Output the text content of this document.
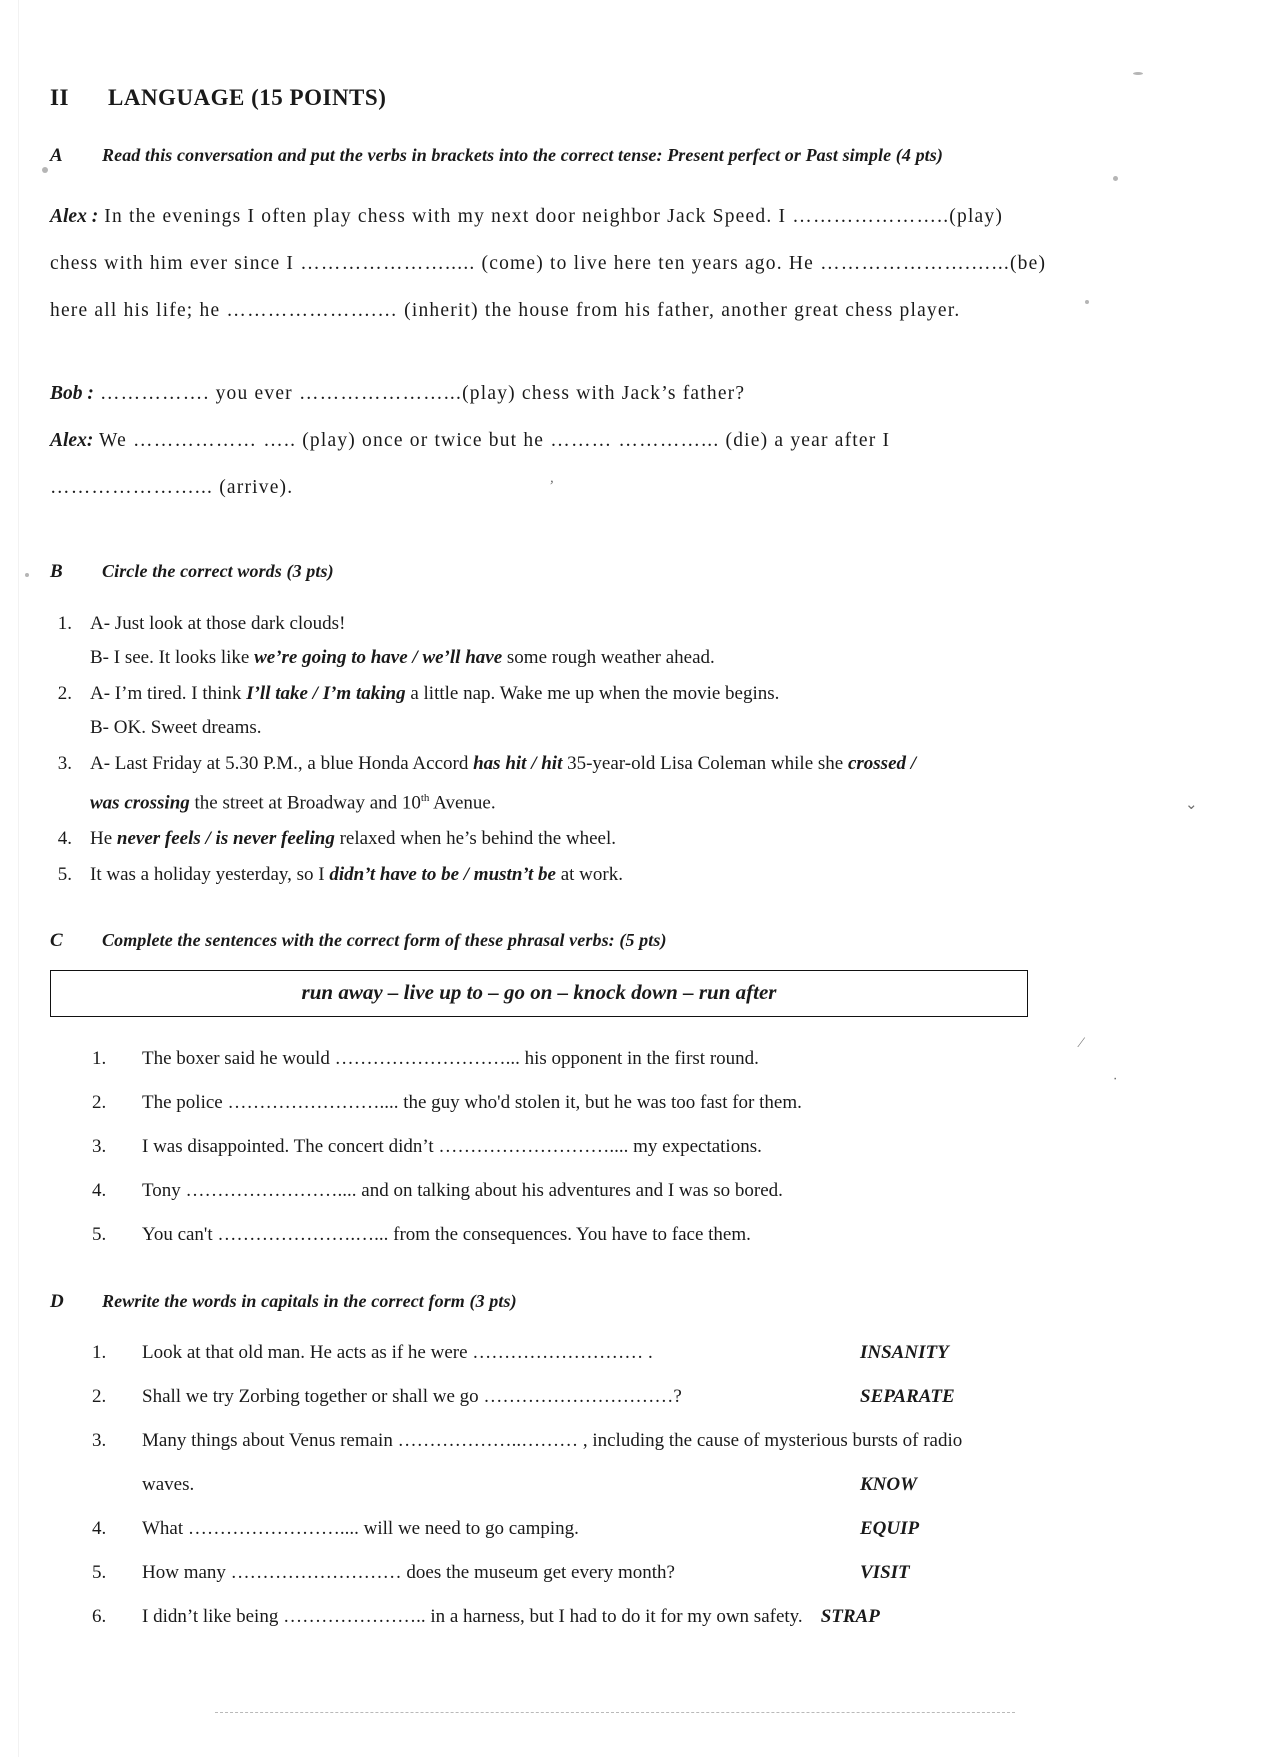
⌄
⁄
ᐧ
,
II LANGUAGE (15 POINTS)
A	Read this conversation and put the verbs in brackets into the correct tense: Present perfect or Past simple (4 pts)

Alex : In the evenings I often play chess with my next door neighbor Jack Speed. I …………………..(play) chess with him ever since I …………………..... (come) to live here ten years ago. He ………………….…...(be) here all his life; he ………………….… (inherit) the house from his father, another great chess player.

Bob : ……………. you ever …………………...(play) chess with Jack’s father?

Alex: We ……………… ….. (play) once or twice but he ……… …………... (die) a year after I

…………………... (arrive).

B	Circle the correct words (3 pts)
1. A- Just look at those dark clouds!
B- I see. It looks like we’re going to have / we’ll have some rough weather ahead.
2. A- I’m tired. I think I’ll take / I’m taking a little nap. Wake me up when the movie begins.
B- OK. Sweet dreams.
3. A- Last Friday at 5.30 P.M., a blue Honda Accord has hit / hit 35-year-old Lisa Coleman while she crossed /
was crossing the street at Broadway and 10th Avenue.
4. He never feels / is never feeling relaxed when he’s behind the wheel.
5. It was a holiday yesterday, so I didn’t have to be / mustn’t be at work.
C	Complete the sentences with the correct form of these phrasal verbs: (5 pts)
run away – live up to – go on – knock down – run after
1.	The boxer said he would ………………………... his opponent in the first round.
2.	The police …………………….... the guy who'd stolen it, but he was too fast for them.
3.	I was disappointed. The concert didn’t ……………………….... my expectations.
4.	Tony …………………….... and on talking about his adventures and I was so bored.
5.	You can't ………………….…... from the consequences. You have to face them.
D	Rewrite the words in capitals in the correct form (3 pts)
1.	Look at that old man. He acts as if he were ……………………… .	INSANITY
2.	Shall we try Zorbing together or shall we go …………………………?	SEPARATE
3.	Many things about Venus remain ………………..……… , including the cause of mysterious bursts of radio
waves.	KNOW
4.	What …………………….... will we need to go camping.	EQUIP
5.	How many ……………………… does the museum get every month?	VISIT
6.	I didn’t like being ………………….. in a harness, but I had to do it for my own safety. STRAP
